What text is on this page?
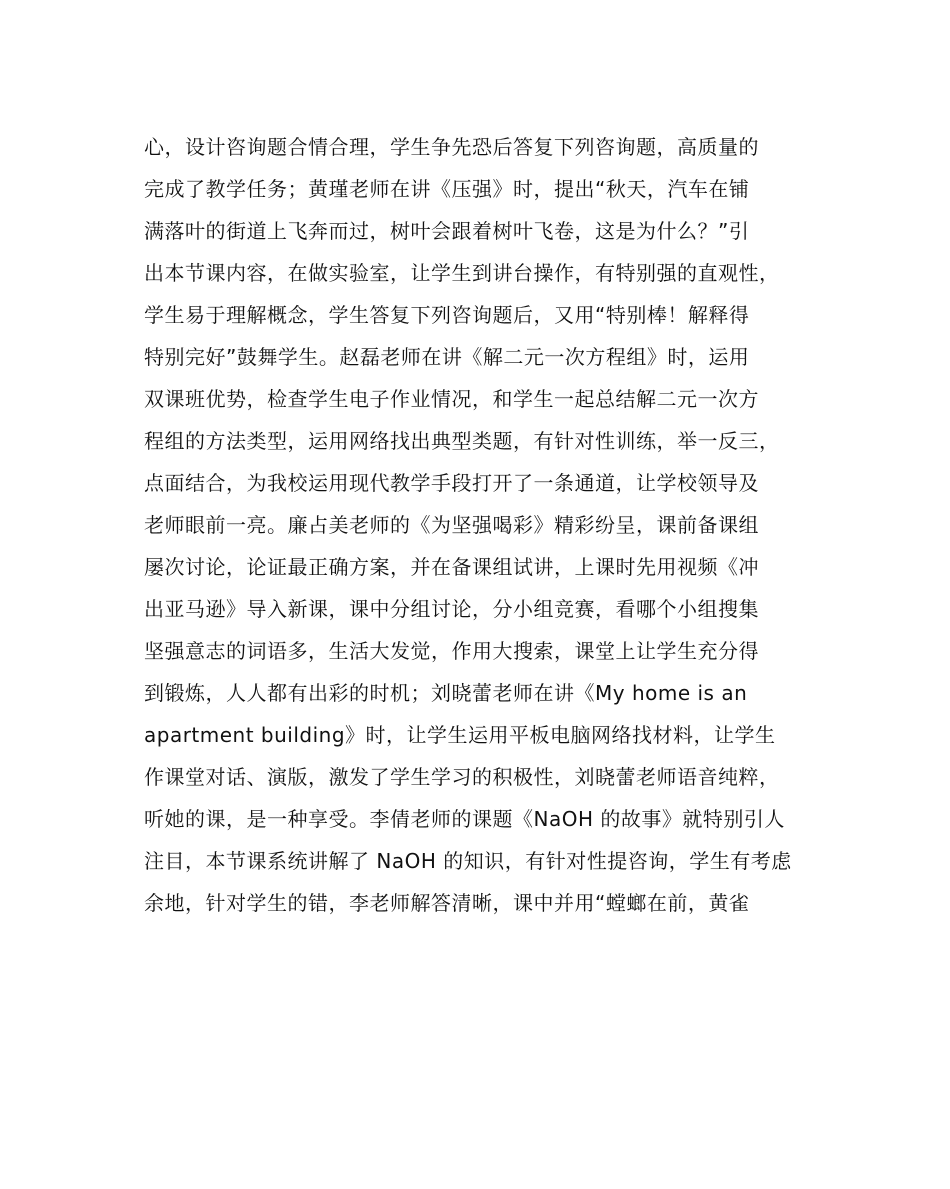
心，设计咨询题合情合理，学生争先恐后答复下列咨询题，高质量的
完成了教学任务；黄瑾老师在讲《压强》时，提出“秋天，汽车在铺
满落叶的街道上飞奔而过，树叶会跟着树叶飞卷，这是为什么？”引
出本节课内容，在做实验室，让学生到讲台操作，有特别强的直观性，
学生易于理解概念，学生答复下列咨询题后，又用“特别棒！解释得
特别完好”鼓舞学生。赵磊老师在讲《解二元一次方程组》时，运用
双课班优势，检查学生电子作业情况，和学生一起总结解二元一次方
程组的方法类型，运用网络找出典型类题，有针对性训练，举一反三，
点面结合，为我校运用现代教学手段打开了一条通道，让学校领导及
老师眼前一亮。廉占美老师的《为坚强喝彩》精彩纷呈，课前备课组
屡次讨论，论证最正确方案，并在备课组试讲，上课时先用视频《冲
出亚马逊》导入新课，课中分组讨论，分小组竞赛，看哪个小组搜集
坚强意志的词语多，生活大发觉，作用大搜索，课堂上让学生充分得
到锻炼，人人都有出彩的时机；刘晓蕾老师在讲《My home is an
apartment building》时，让学生运用平板电脑网络找材料，让学生
作课堂对话、演版，激发了学生学习的积极性，刘晓蕾老师语音纯粹，
听她的课，是一种享受。李倩老师的课题《NaOH 的故事》就特别引人
注目，本节课系统讲解了 NaOH 的知识，有针对性提咨询，学生有考虑
余地，针对学生的错，李老师解答清晰，课中并用“螳螂在前，黄雀
